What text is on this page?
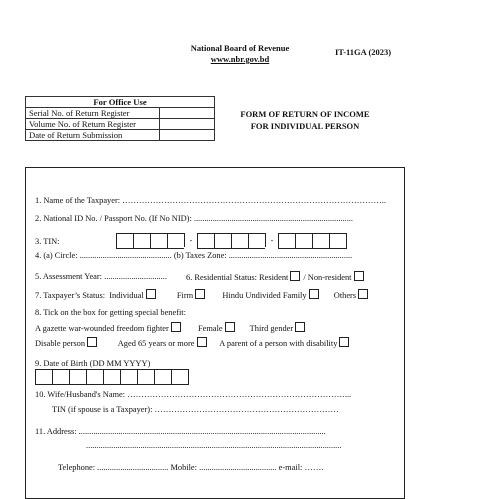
National Board of Revenue
www.nbr.gov.bd
IT-11GA (2023)
For Office Use	
Serial No. of Return Register	
Volume No. of Return Register	
Date of Return Submission	
FORM OF RETURN OF INCOME
FOR INDIVIDUAL PERSON
1. Name of the Taxpayer: …………………………………………………………………………………..
2. National ID No. / Passport No. (If No NID): ............................................................................
3. TIN:	-	-
4. (a) Circle: ............................................ (b) Taxes Zone: ...........................................................
5. Assessment Year: .............................. 6. Residential Status: Resident / Non-resident
7. Taxpayer’s Status: Individual	Firm	Hindu Undivided Family	Others
8. Tick on the box for getting special benefit:
A gazette war-wounded freedom fighter	Female	Third gender
Disable person	Aged 65 years or more	A parent of a person with disability
9. Date of Birth (DD MM YYYY)
10. Wife/Husband's Name: ……………………………………………………………………...
TIN (if spouse is a Taxpayer): …………………………………………………………
11. Address: ......................................................................................................................
..........................................................................................................................
Telephone: .................................. Mobile: ..................................... e-mail: …….
